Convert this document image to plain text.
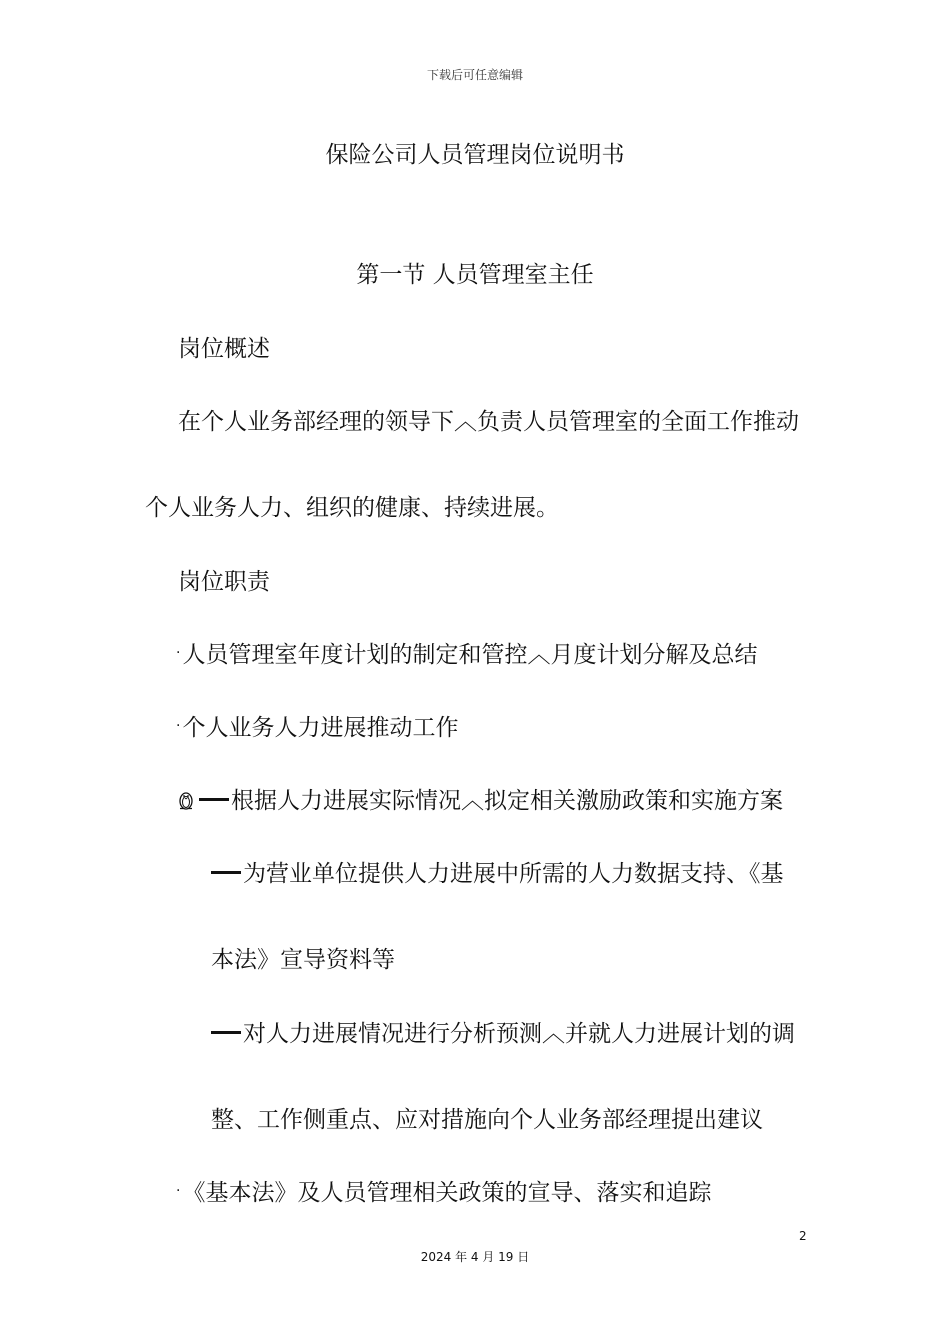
下载后可任意编辑
保险公司人员管理岗位说明书
第一节 人员管理室主任
岗位概述
在个人业务部经理的领导下︿负责人员管理室的全面工作推动
个人业务人力、组织的健康、持续进展。
岗位职责
·人员管理室年度计划的制定和管控︿月度计划分解及总结
·个人业务人力进展推动工作
根据人力进展实际情况︿拟定相关激励政策和实施方案
为营业单位提供人力进展中所需的人力数据支持、《基
本法》宣导资料等
对人力进展情况进行分析预测︿并就人力进展计划的调
整、工作侧重点、应对措施向个人业务部经理提出建议
·《基本法》及人员管理相关政策的宣导、落实和追踪
2
2024 年 4 月 19 日
